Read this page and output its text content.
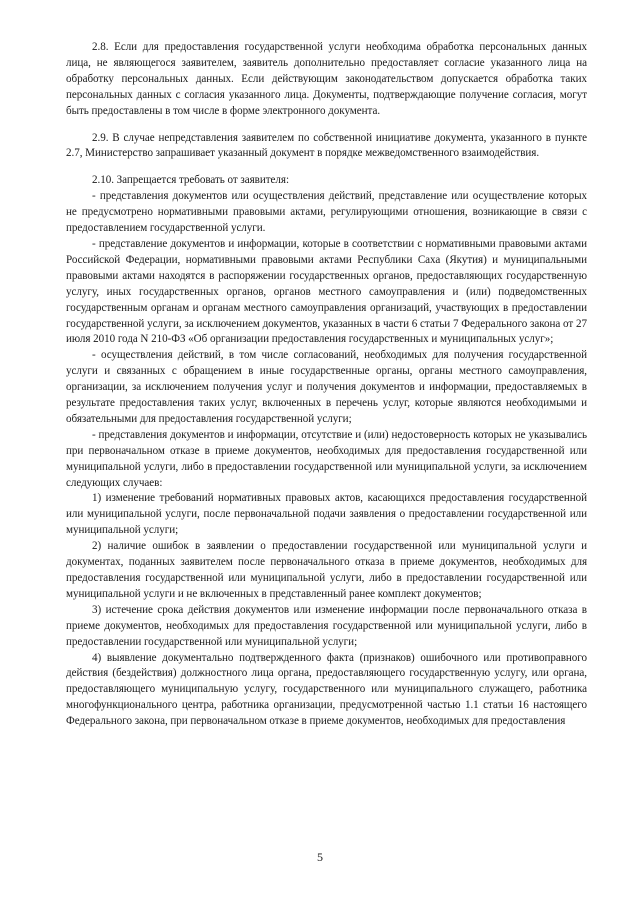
2.8. Если для предоставления государственной услуги необходима обработка персональных данных лица, не являющегося заявителем, заявитель дополнительно предоставляет согласие указанного лица на обработку персональных данных. Если действующим законодательством допускается обработка таких персональных данных с согласия указанного лица. Документы, подтверждающие получение согласия, могут быть предоставлены в том числе в форме электронного документа.

2.9. В случае непредставления заявителем по собственной инициативе документа, указанного в пункте 2.7, Министерство запрашивает указанный документ в порядке межведомственного взаимодействия.

2.10. Запрещается требовать от заявителя:

- представления документов или осуществления действий, представление или осуществление которых не предусмотрено нормативными правовыми актами, регулирующими отношения, возникающие в связи с предоставлением государственной услуги.

- представление документов и информации, которые в соответствии с нормативными правовыми актами Российской Федерации, нормативными правовыми актами Республики Саха (Якутия) и муниципальными правовыми актами находятся в распоряжении государственных органов, предоставляющих государственную услугу, иных государственных органов, органов местного самоуправления и (или) подведомственных государственным органам и органам местного самоуправления организаций, участвующих в предоставлении государственной услуги, за исключением документов, указанных в части 6 статьи 7 Федерального закона от 27 июля 2010 года N 210-ФЗ «Об организации предоставления государственных и муниципальных услуг»;

- осуществления действий, в том числе согласований, необходимых для получения государственной услуги и связанных с обращением в иные государственные органы, органы местного самоуправления, организации, за исключением получения услуг и получения документов и информации, предоставляемых в результате предоставления таких услуг, включенных в перечень услуг, которые являются необходимыми и обязательными для предоставления государственной услуги;

- представления документов и информации, отсутствие и (или) недостоверность которых не указывались при первоначальном отказе в приеме документов, необходимых для предоставления государственной или муниципальной услуги, либо в предоставлении государственной или муниципальной услуги, за исключением следующих случаев:

1) изменение требований нормативных правовых актов, касающихся предоставления государственной или муниципальной услуги, после первоначальной подачи заявления о предоставлении государственной или муниципальной услуги;

2) наличие ошибок в заявлении о предоставлении государственной или муниципальной услуги и документах, поданных заявителем после первоначального отказа в приеме документов, необходимых для предоставления государственной или муниципальной услуги, либо в предоставлении государственной или муниципальной услуги и не включенных в представленный ранее комплект документов;

3) истечение срока действия документов или изменение информации после первоначального отказа в приеме документов, необходимых для предоставления государственной или муниципальной услуги, либо в предоставлении государственной или муниципальной услуги;

4) выявление документально подтвержденного факта (признаков) ошибочного или противоправного действия (бездействия) должностного лица органа, предоставляющего государственную услугу, или органа, предоставляющего муниципальную услугу, государственного или муниципального служащего, работника многофункционального центра, работника организации, предусмотренной частью 1.1 статьи 16 настоящего Федерального закона, при первоначальном отказе в приеме документов, необходимых для предоставления

5
